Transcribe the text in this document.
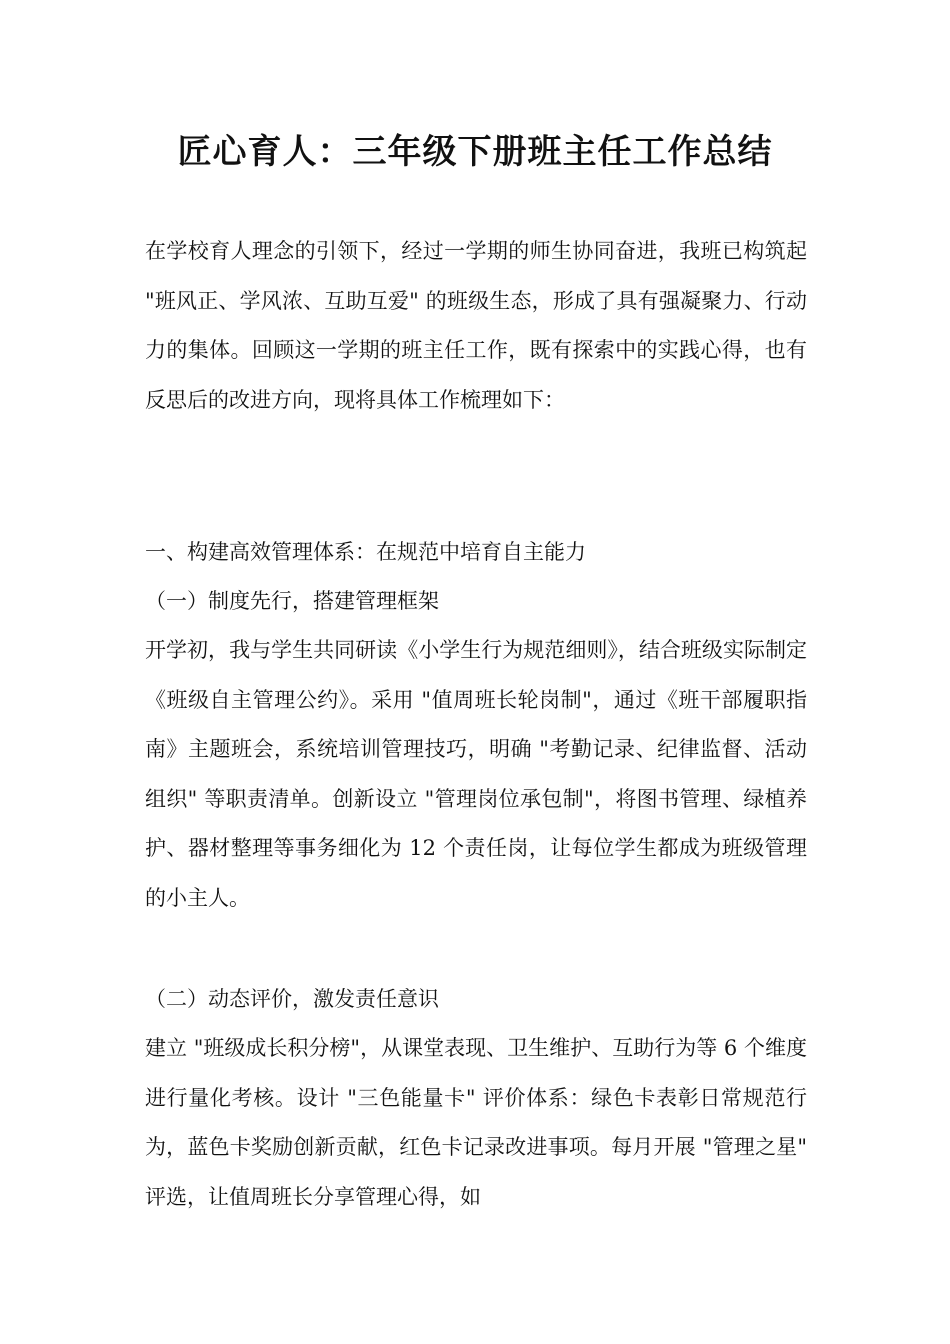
匠心育人：三年级下册班主任工作总结

在学校育人理念的引领下，经过一学期的师生协同奋进，我班已构筑起 "班风正、学风浓、互助互爱" 的班级生态，形成了具有强凝聚力、行动力的集体。回顾这一学期的班主任工作，既有探索中的实践心得，也有反思后的改进方向，现将具体工作梳理如下：

一、构建高效管理体系：在规范中培育自主能力

（一）制度先行，搭建管理框架

开学初，我与学生共同研读《小学生行为规范细则》，结合班级实际制定《班级自主管理公约》。采用 "值周班长轮岗制"，通过《班干部履职指南》主题班会，系统培训管理技巧，明确 "考勤记录、纪律监督、活动组织" 等职责清单。创新设立 "管理岗位承包制"，将图书管理、绿植养护、器材整理等事务细化为 12 个责任岗，让每位学生都成为班级管理的小主人。

（二）动态评价，激发责任意识

建立 "班级成长积分榜"，从课堂表现、卫生维护、互助行为等 6 个维度进行量化考核。设计 "三色能量卡" 评价体系：绿色卡表彰日常规范行为，蓝色卡奖励创新贡献，红色卡记录改进事项。每月开展 "管理之星" 评选，让值周班长分享管理心得，如
